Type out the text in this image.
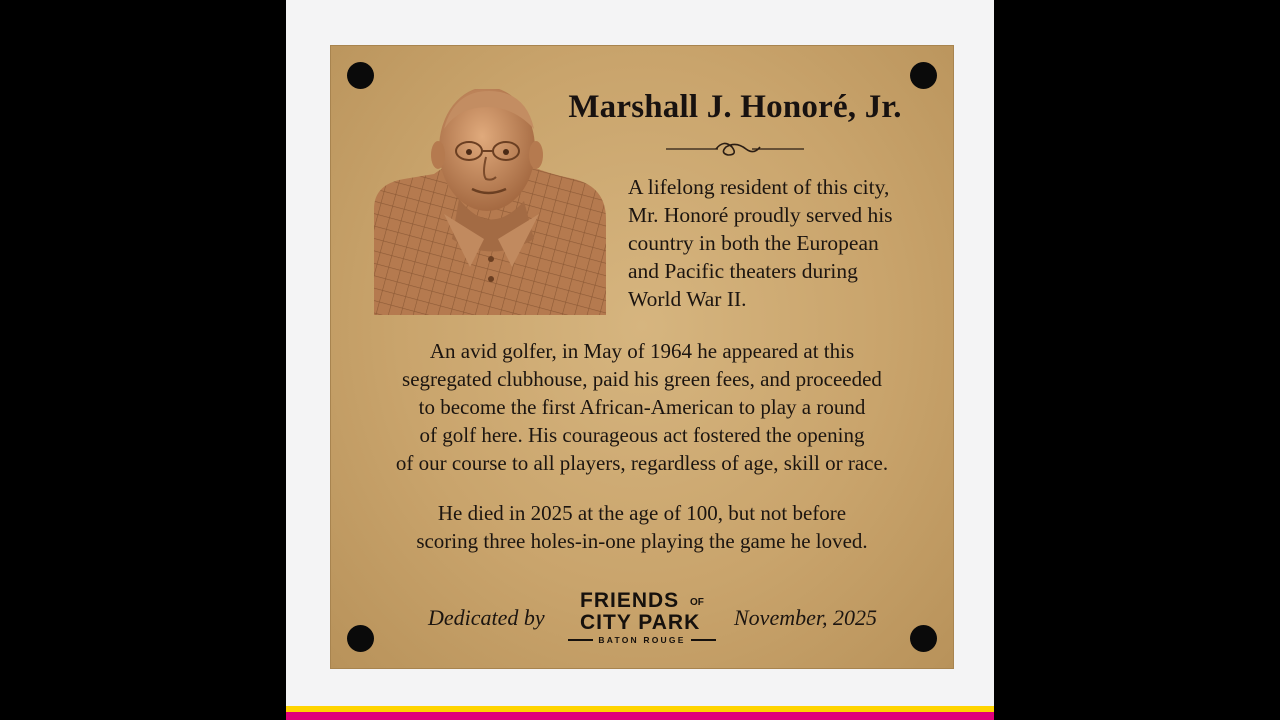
Marshall J. Honoré, Jr.
A lifelong resident of this city,
Mr. Honoré proudly served his
country in both the European
and Pacific theaters during
World War II.
An avid golfer, in May of 1964 he appeared at this
segregated clubhouse, paid his green fees, and proceeded
to become the first African-American to play a round
of golf here. His courageous act fostered the opening
of our course to all players, regardless of age, skill or race.
He died in 2025 at the age of 100, but not before
scoring three holes-in-one playing the game he loved.
Dedicated by
FRIENDS OF
CITY PARK
BATON ROUGE
November, 2025
